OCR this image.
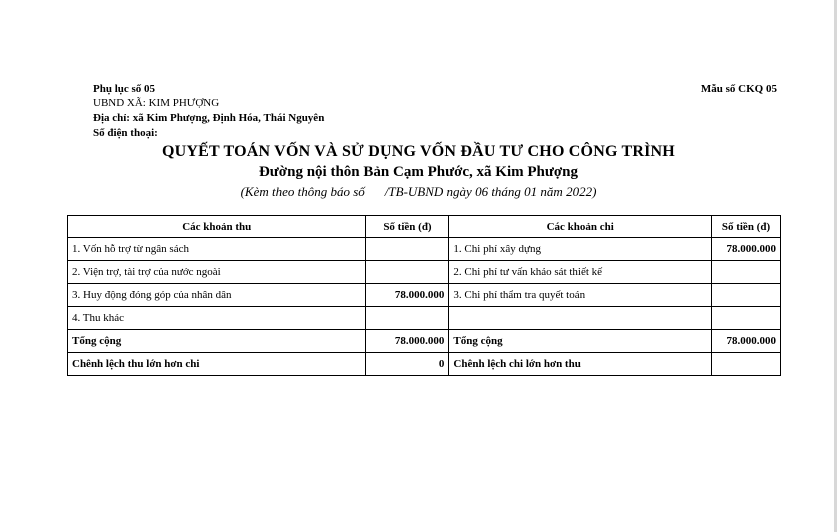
Phụ lục số 05
UBND XÃ: KIM PHƯỢNG
Địa chỉ: xã Kim Phượng, Định Hóa, Thái Nguyên
Số điện thoại:
Mẫu số CKQ 05
QUYẾT TOÁN VỐN VÀ SỬ DỤNG VỐN ĐẦU TƯ CHO CÔNG TRÌNH
Đường nội thôn Bản Cạm Phước, xã Kim Phượng
(Kèm theo thông báo số /TB-UBND ngày 06 tháng 01 năm 2022)
Các khoản thu	Số tiền (đ)	Các khoản chi	Số tiền (đ)
1. Vốn hỗ trợ từ ngân sách		1. Chi phí xây dựng	78.000.000
2. Viện trợ, tài trợ của nước ngoài		2. Chi phí tư vấn khảo sát thiết kế	
3. Huy động đóng góp của nhân dân	78.000.000	3. Chi phí thẩm tra quyết toán	
4. Thu khác			
Tổng cộng	78.000.000	Tổng cộng	78.000.000
Chênh lệch thu lớn hơn chi	0	Chênh lệch chi lớn hơn thu	
